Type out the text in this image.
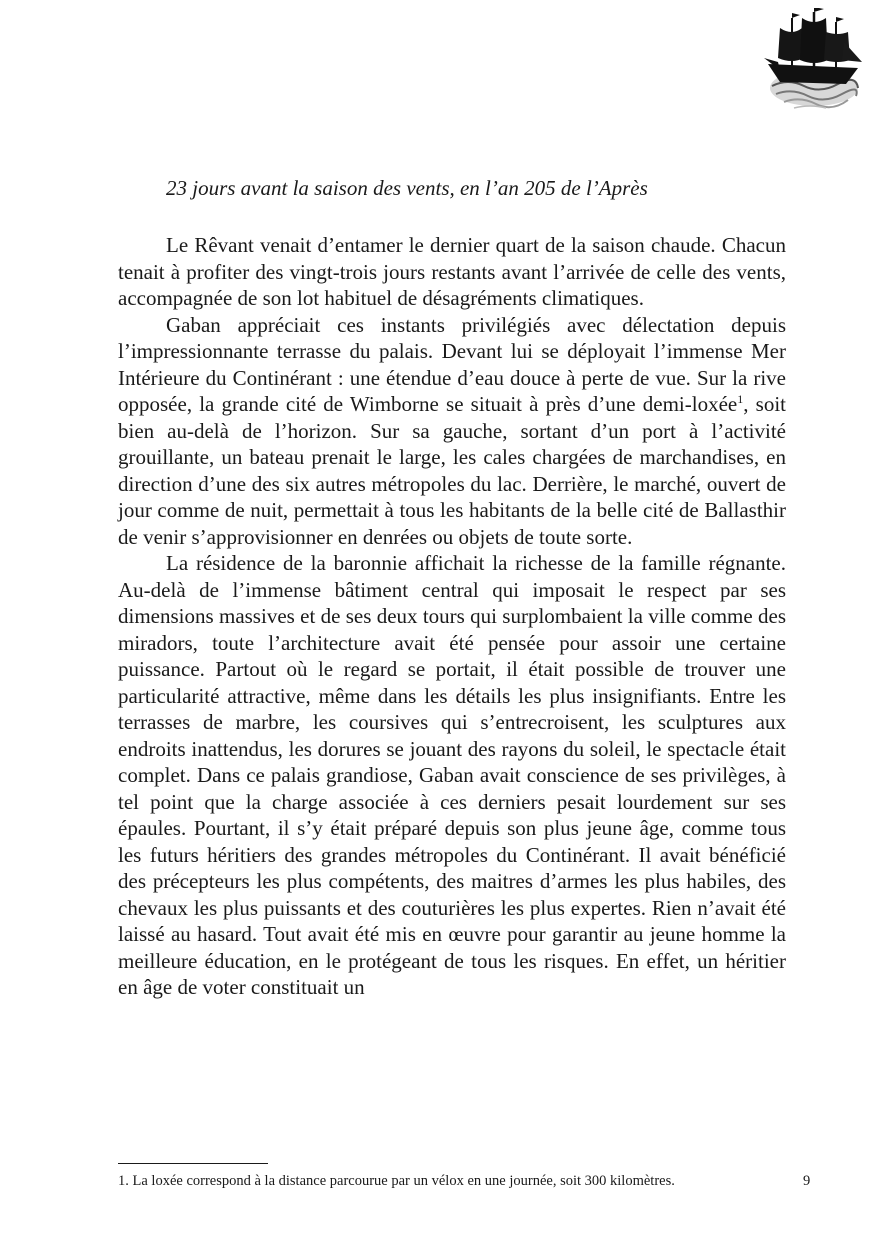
23 jours avant la saison des vents, en l’an 205 de l’Après

Le Rêvant venait d’entamer le dernier quart de la saison chaude. Chacun tenait à profiter des vingt-trois jours restants avant l’arrivée de celle des vents, accompagnée de son lot habituel de désagréments climatiques.

Gaban appréciait ces instants privilégiés avec délectation depuis l’impressionnante terrasse du palais. Devant lui se déployait l’immense Mer Intérieure du Continérant : une étendue d’eau douce à perte de vue. Sur la rive opposée, la grande cité de Wimborne se situait à près d’une demi-loxée$^1$, soit bien au-delà de l’horizon. Sur sa gauche, sortant d’un port à l’activité grouillante, un bateau prenait le large, les cales chargées de marchandises, en direction d’une des six autres métropoles du lac. Derrière, le marché, ouvert de jour comme de nuit, permettait à tous les habitants de la belle cité de Ballasthir de venir s’approvisionner en denrées ou objets de toute sorte.

La résidence de la baronnie affichait la richesse de la famille régnante. Au-delà de l’immense bâtiment central qui imposait le respect par ses dimensions massives et de ses deux tours qui surplombaient la ville comme des miradors, toute l’architecture avait été pensée pour assoir une certaine puissance. Partout où le regard se portait, il était possible de trouver une particularité attractive, même dans les détails les plus insignifiants. Entre les terrasses de marbre, les coursives qui s’entrecroisent, les sculptures aux endroits inattendus, les dorures se jouant des rayons du soleil, le spectacle était complet. Dans ce palais grandiose, Gaban avait conscience de ses privilèges, à tel point que la charge associée à ces derniers pesait lourdement sur ses épaules. Pourtant, il s’y était préparé depuis son plus jeune âge, comme tous les futurs héritiers des grandes métropoles du Continérant. Il avait bénéficié des précepteurs les plus compétents, des maitres d’armes les plus habiles, des chevaux les plus puissants et des couturières les plus expertes. Rien n’avait été laissé au hasard. Tout avait été mis en œuvre pour garantir au jeune homme la meilleure éducation, en le protégeant de tous les risques. En effet, un héritier en âge de voter constituait un

1. La loxée correspond à la distance parcourue par un vélox en une journée, soit 300 kilomètres.	9
